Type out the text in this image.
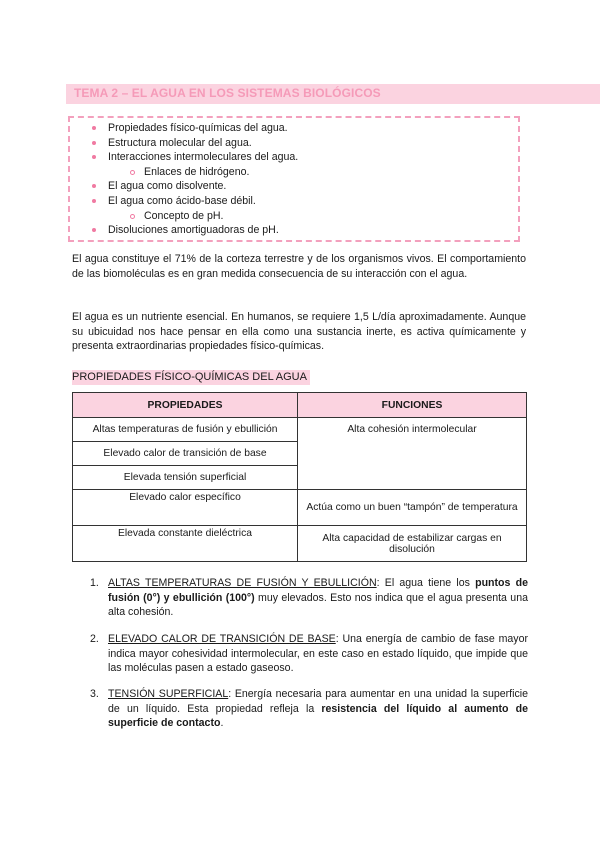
TEMA 2 – EL AGUA EN LOS SISTEMAS BIOLÓGICOS
Propiedades físico-químicas del agua.
Estructura molecular del agua.
Interacciones intermoleculares del agua.
Enlaces de hidrógeno.
El agua como disolvente.
El agua como ácido-base débil.
Concepto de pH.
Disoluciones amortiguadoras de pH.

El agua constituye el 71% de la corteza terrestre y de los organismos vivos. El comportamiento de las biomoléculas es en gran medida consecuencia de su interacción con el agua.

El agua es un nutriente esencial. En humanos, se requiere 1,5 L/día aproximadamente. Aunque su ubicuidad nos hace pensar en ella como una sustancia inerte, es activa químicamente y presenta extraordinarias propiedades físico-químicas.

PROPIEDADES FÍSICO-QUÍMICAS DEL AGUA
PROPIEDADES	FUNCIONES
Altas temperaturas de fusión y ebullición	Alta cohesión intermolecular
Elevado calor de transición de base	
Elevada tensión superficial	
Elevado calor específico	Actúa como un buen “tampón” de temperatura
Elevada constante dieléctrica	Alta capacidad de estabilizar cargas en disolución
1. ALTAS TEMPERATURAS DE FUSIÓN Y EBULLICIÓN: El agua tiene los puntos de fusión (0°) y ebullición (100°) muy elevados. Esto nos indica que el agua presenta una alta cohesión.
2. ELEVADO CALOR DE TRANSICIÓN DE BASE: Una energía de cambio de fase mayor indica mayor cohesividad intermolecular, en este caso en estado líquido, que impide que las moléculas pasen a estado gaseoso.
3. TENSIÓN SUPERFICIAL: Energía necesaria para aumentar en una unidad la superficie de un líquido. Esta propiedad refleja la resistencia del líquido al aumento de superficie de contacto.
